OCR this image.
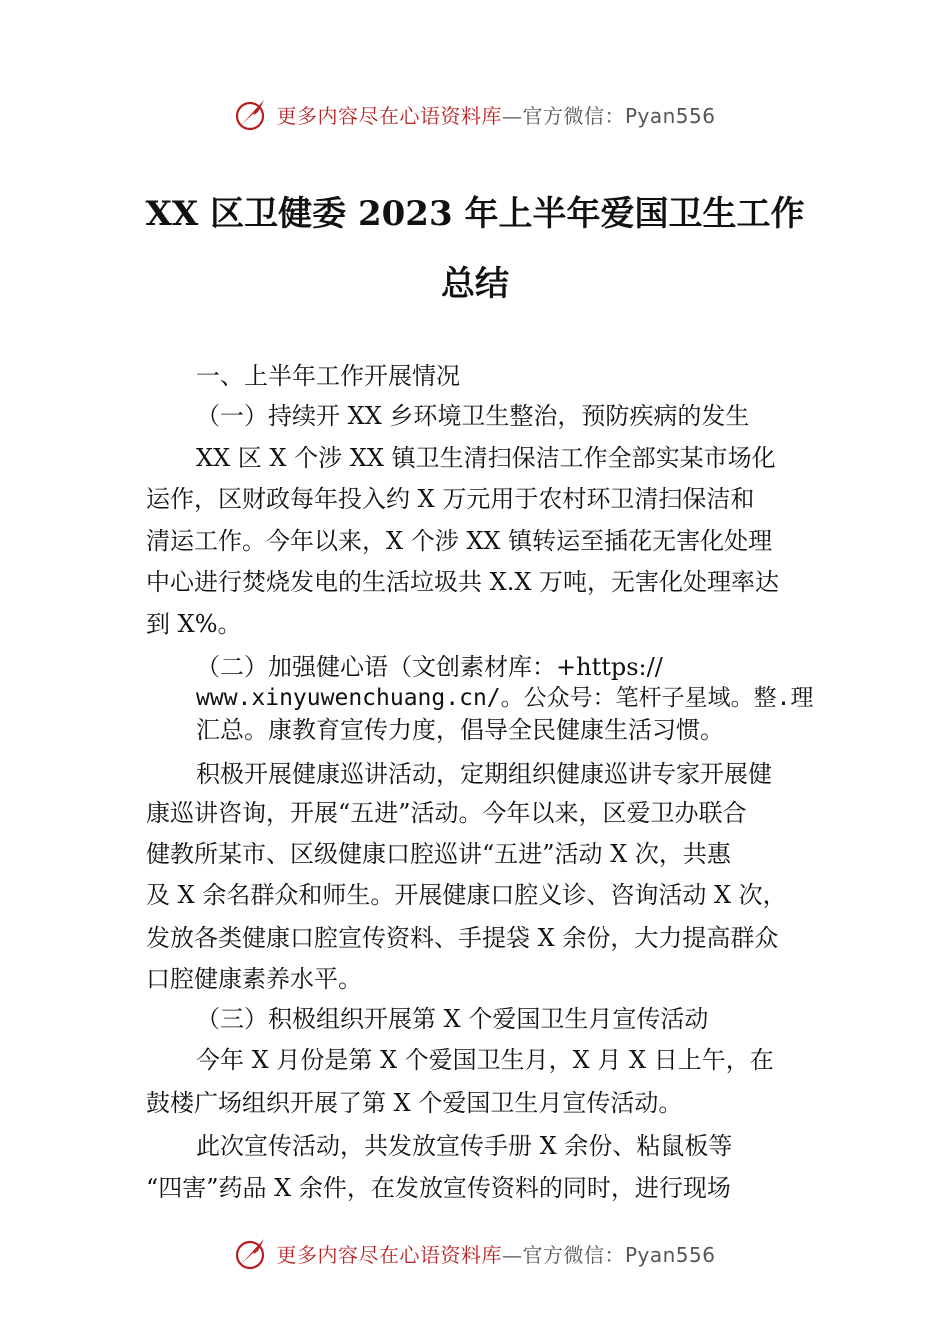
更多内容尽在心语资料库—官方微信：Pyan556
XX 区卫健委 2023 年上半年爱国卫生工作
总结

一、上半年工作开展情况

（一）持续开 XX 乡环境卫生整治，预防疾病的发生

XX 区 X 个涉 XX 镇卫生清扫保洁工作全部实某市场化

运作，区财政每年投入约 X 万元用于农村环卫清扫保洁和

清运工作。今年以来，X 个涉 XX 镇转运至插花无害化处理

中心进行焚烧发电的生活垃圾共 X.X 万吨，无害化处理率达

到 X%。

（二）加强健心语（文创素材库：+https://

www.xinyuwenchuang.cn/。公众号：笔杆子星域。整.理

汇总。康教育宣传力度，倡导全民健康生活习惯。

积极开展健康巡讲活动，定期组织健康巡讲专家开展健

康巡讲咨询，开展“五进”活动。今年以来，区爱卫办联合

健教所某市、区级健康口腔巡讲“五进”活动 X 次，共惠

及 X 余名群众和师生。开展健康口腔义诊、咨询活动 X 次，

发放各类健康口腔宣传资料、手提袋 X 余份，大力提高群众

口腔健康素养水平。

（三）积极组织开展第 X 个爱国卫生月宣传活动

今年 X 月份是第 X 个爱国卫生月，X 月 X 日上午，在

鼓楼广场组织开展了第 X 个爱国卫生月宣传活动。

此次宣传活动，共发放宣传手册 X 余份、粘鼠板等

“四害”药品 X 余件，在发放宣传资料的同时，进行现场

更多内容尽在心语资料库—官方微信：Pyan556
